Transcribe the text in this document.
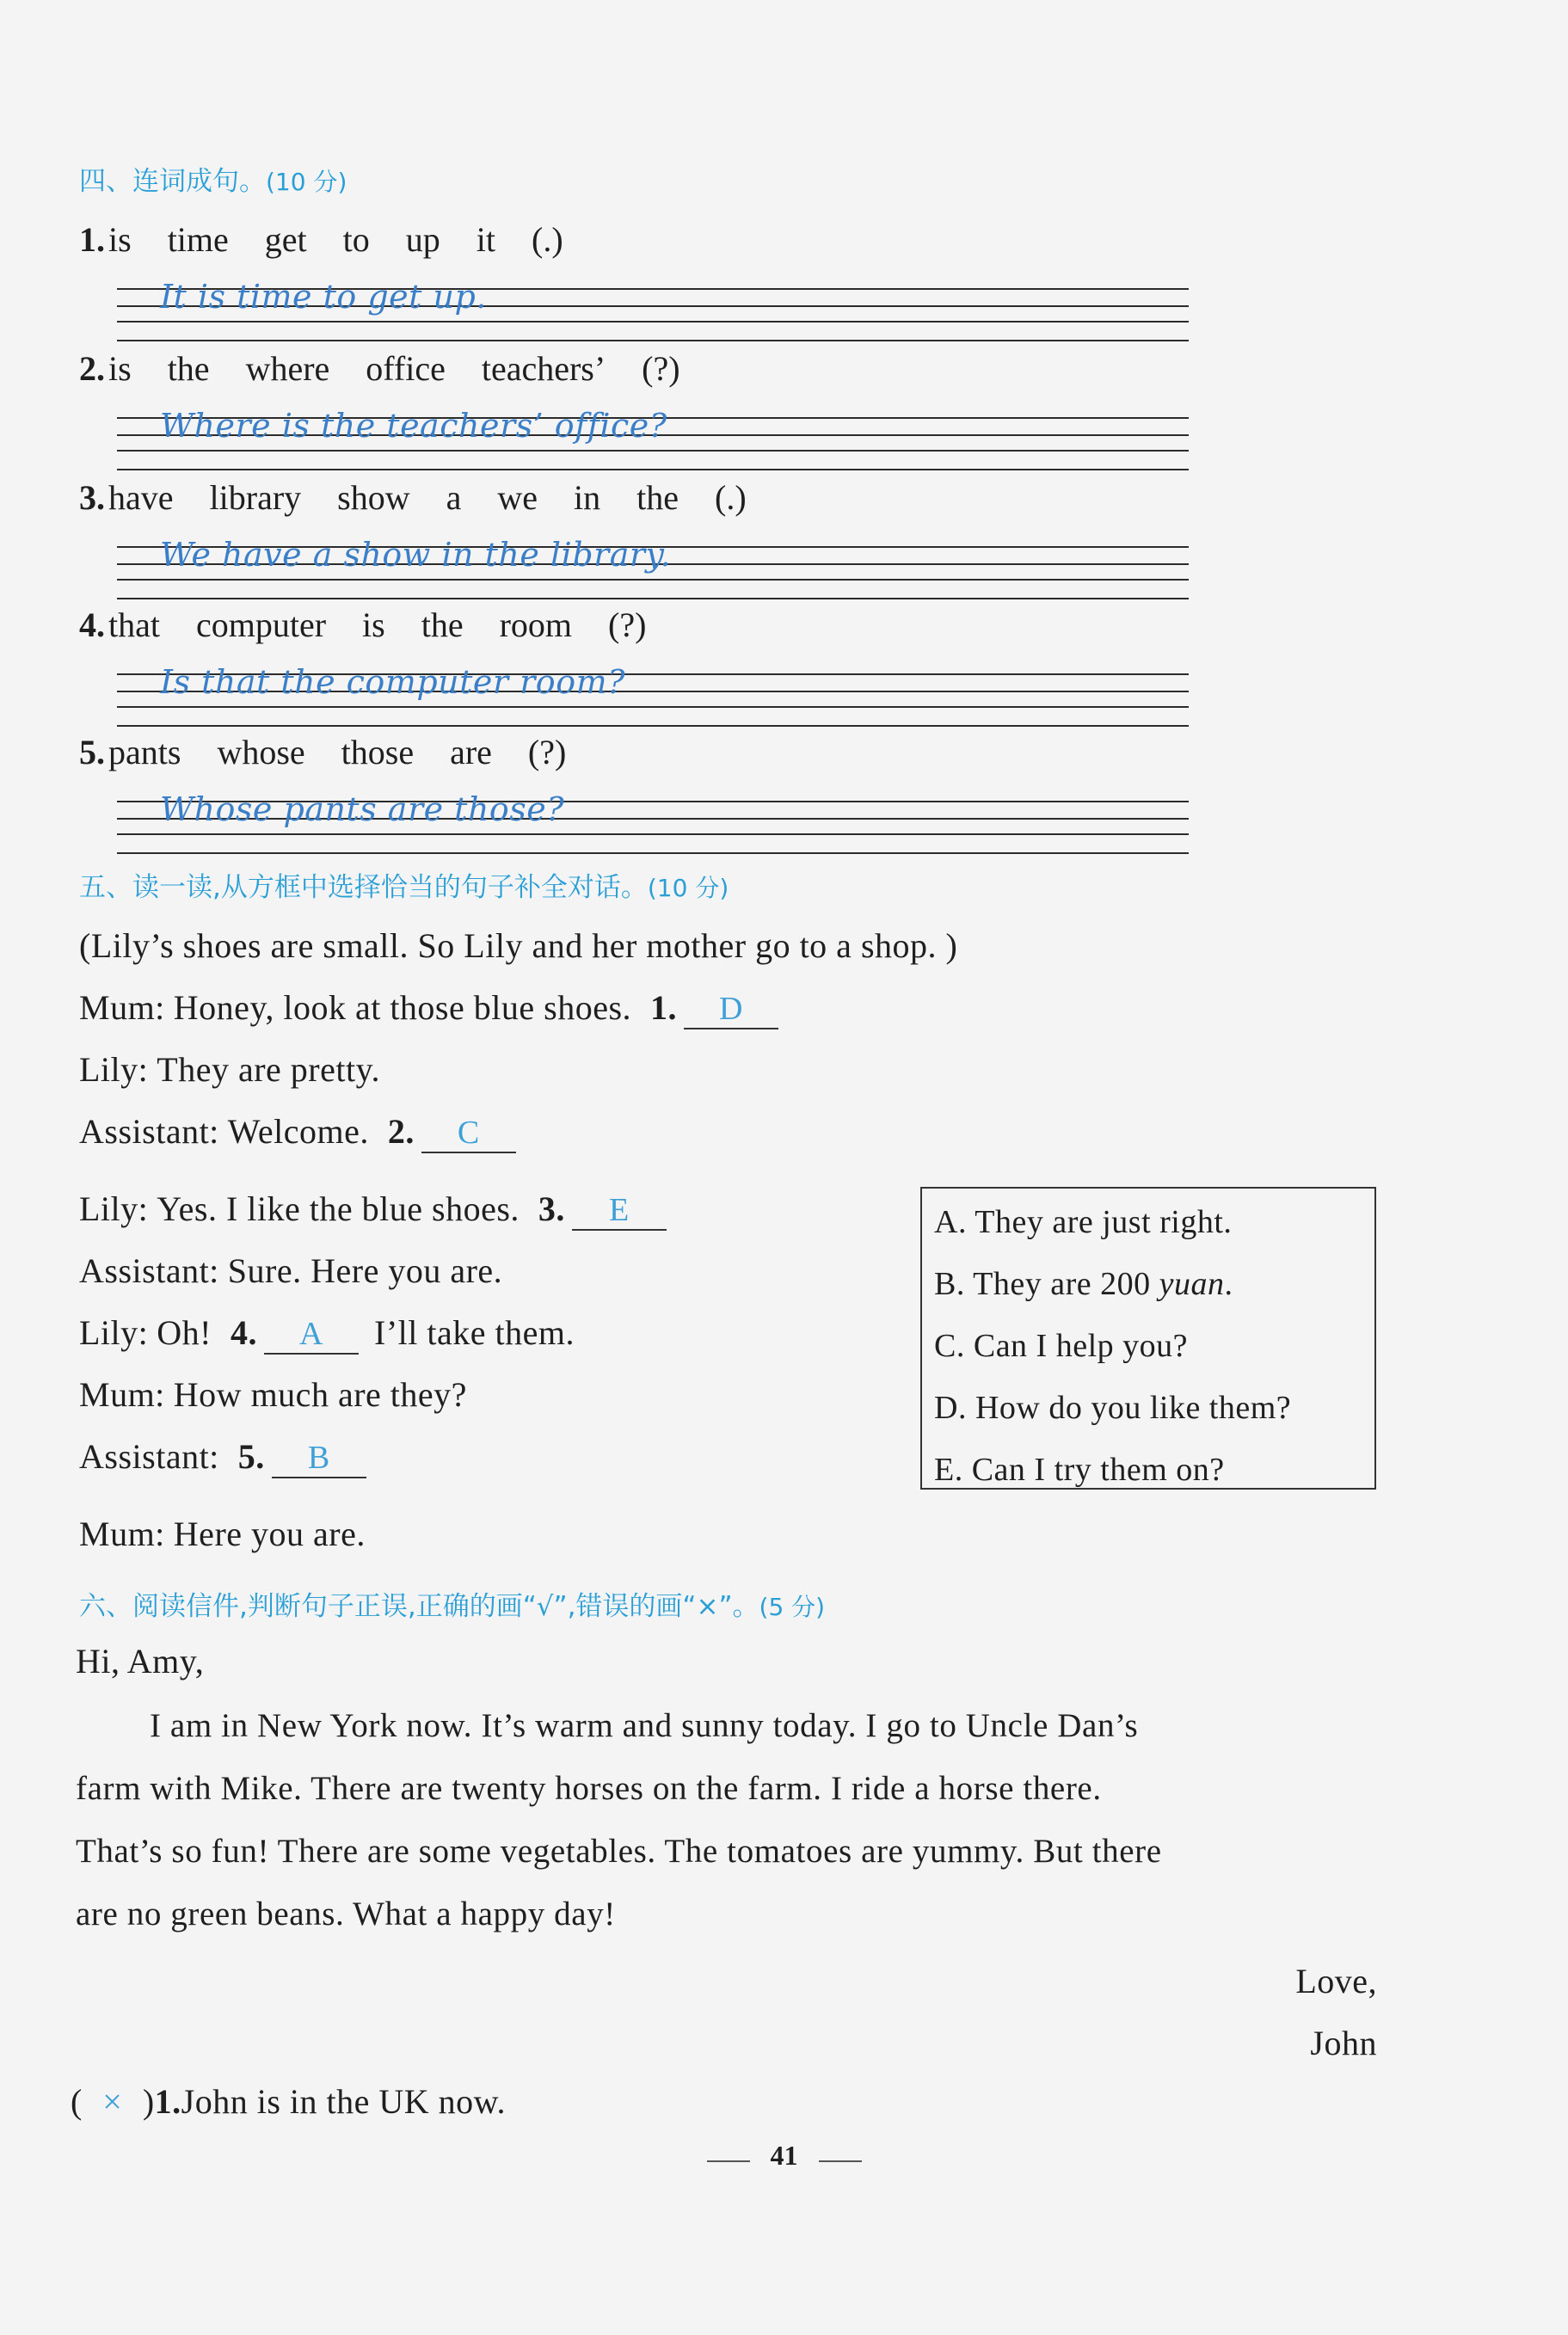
四、连词成句。(10 分)
1. is time get to up it (.)
It is time to get up.
2. is the where office teachers’ (?)
Where is the teachers’ office?
3. have library show a we in the (.)
We have a show in the library.
4. that computer is the room (?)
Is that the computer room?
5. pants whose those are (?)
Whose pants are those?
五、读一读,从方框中选择恰当的句子补全对话。(10 分)
(Lily’s shoes are small. So Lily and her mother go to a shop. )
Mum: Honey, look at those blue shoes. 1. D
Lily: They are pretty.
Assistant: Welcome. 2. C
Lily: Yes. I like the blue shoes. 3. E
Assistant: Sure. Here you are.
Lily: Oh! 4. A I’ll take them.
Mum: How much are they?
Assistant: 5. B
Mum: Here you are.
A. They are just right.
B. They are 200 yuan.
C. Can I help you?
D. How do you like them?
E. Can I try them on?
六、阅读信件,判断句子正误,正确的画“√”,错误的画“×”。(5 分)
Hi, Amy,
I am in New York now. It’s warm and sunny today. I go to Uncle Dan’s
farm with Mike. There are twenty horses on the farm. I ride a horse there.
That’s so fun! There are some vegetables. The tomatoes are yummy. But there
are no green beans. What a happy day!
Love,
John
( × )1.John is in the UK now.
41
